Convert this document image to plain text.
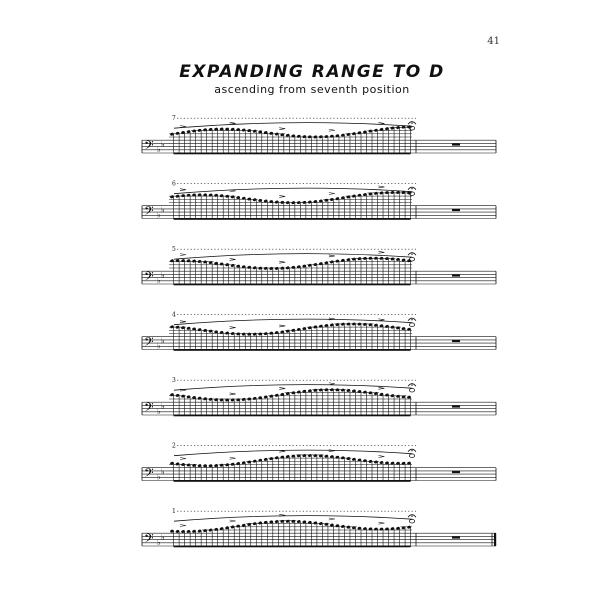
41
EXPANDING RANGE TO D
ascending from seventh position
7
𝄢 ♭
♭
6
𝄢 ♭
♭
5
𝄢 ♭
♭
4
𝄢 ♭
♭
3
𝄢 ♭
♭
2
𝄢 ♭
♭
1
𝄢 ♭
♭
